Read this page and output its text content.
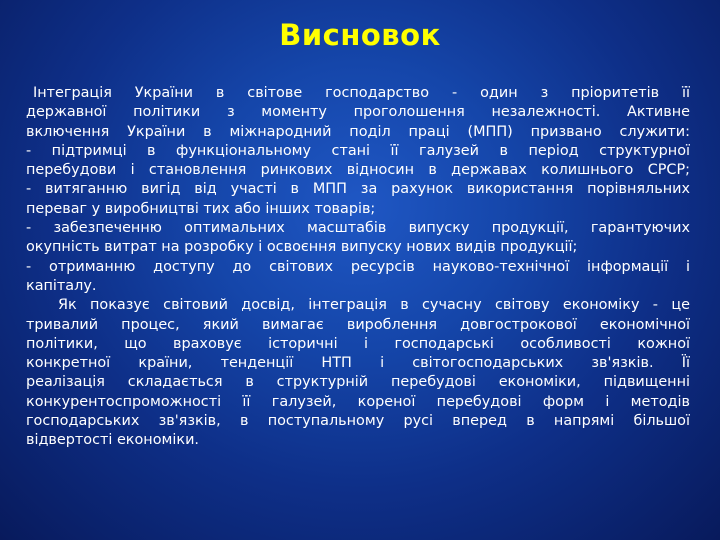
Висновок
Інтеграція України в світове господарство - один з пріоритетів її
державної політики з моменту проголошення незалежності. Активне
включення України в міжнародний поділ праці (МПП) призвано служити:
- підтримці в функціональному стані її галузей в період структурної
перебудови і становлення ринкових відносин в державах колишнього СРСР;
- витяганню вигід від участі в МПП за рахунок використання порівняльних
переваг у виробництві тих або інших товарів;
- забезпеченню оптимальних масштабів випуску продукції, гарантуючих
окупність витрат на розробку і освоєння випуску нових видів продукції;
- отриманню доступу до світових ресурсів науково-технічної інформації і
капіталу.
Як показує світовий досвід, інтеграція в сучасну світову економіку - це
тривалий процес, який вимагає вироблення довгострокової економічної
політики, що враховує історичні і господарські особливості кожної
конкретної країни, тенденції НТП і світогосподарських зв'язків. Її
реалізація складається в структурній перебудові економіки, підвищенні
конкурентоспроможності її галузей, кореної перебудові форм і методів
господарських зв'язків, в поступальному русі вперед в напрямі більшої
відвертості економіки.
